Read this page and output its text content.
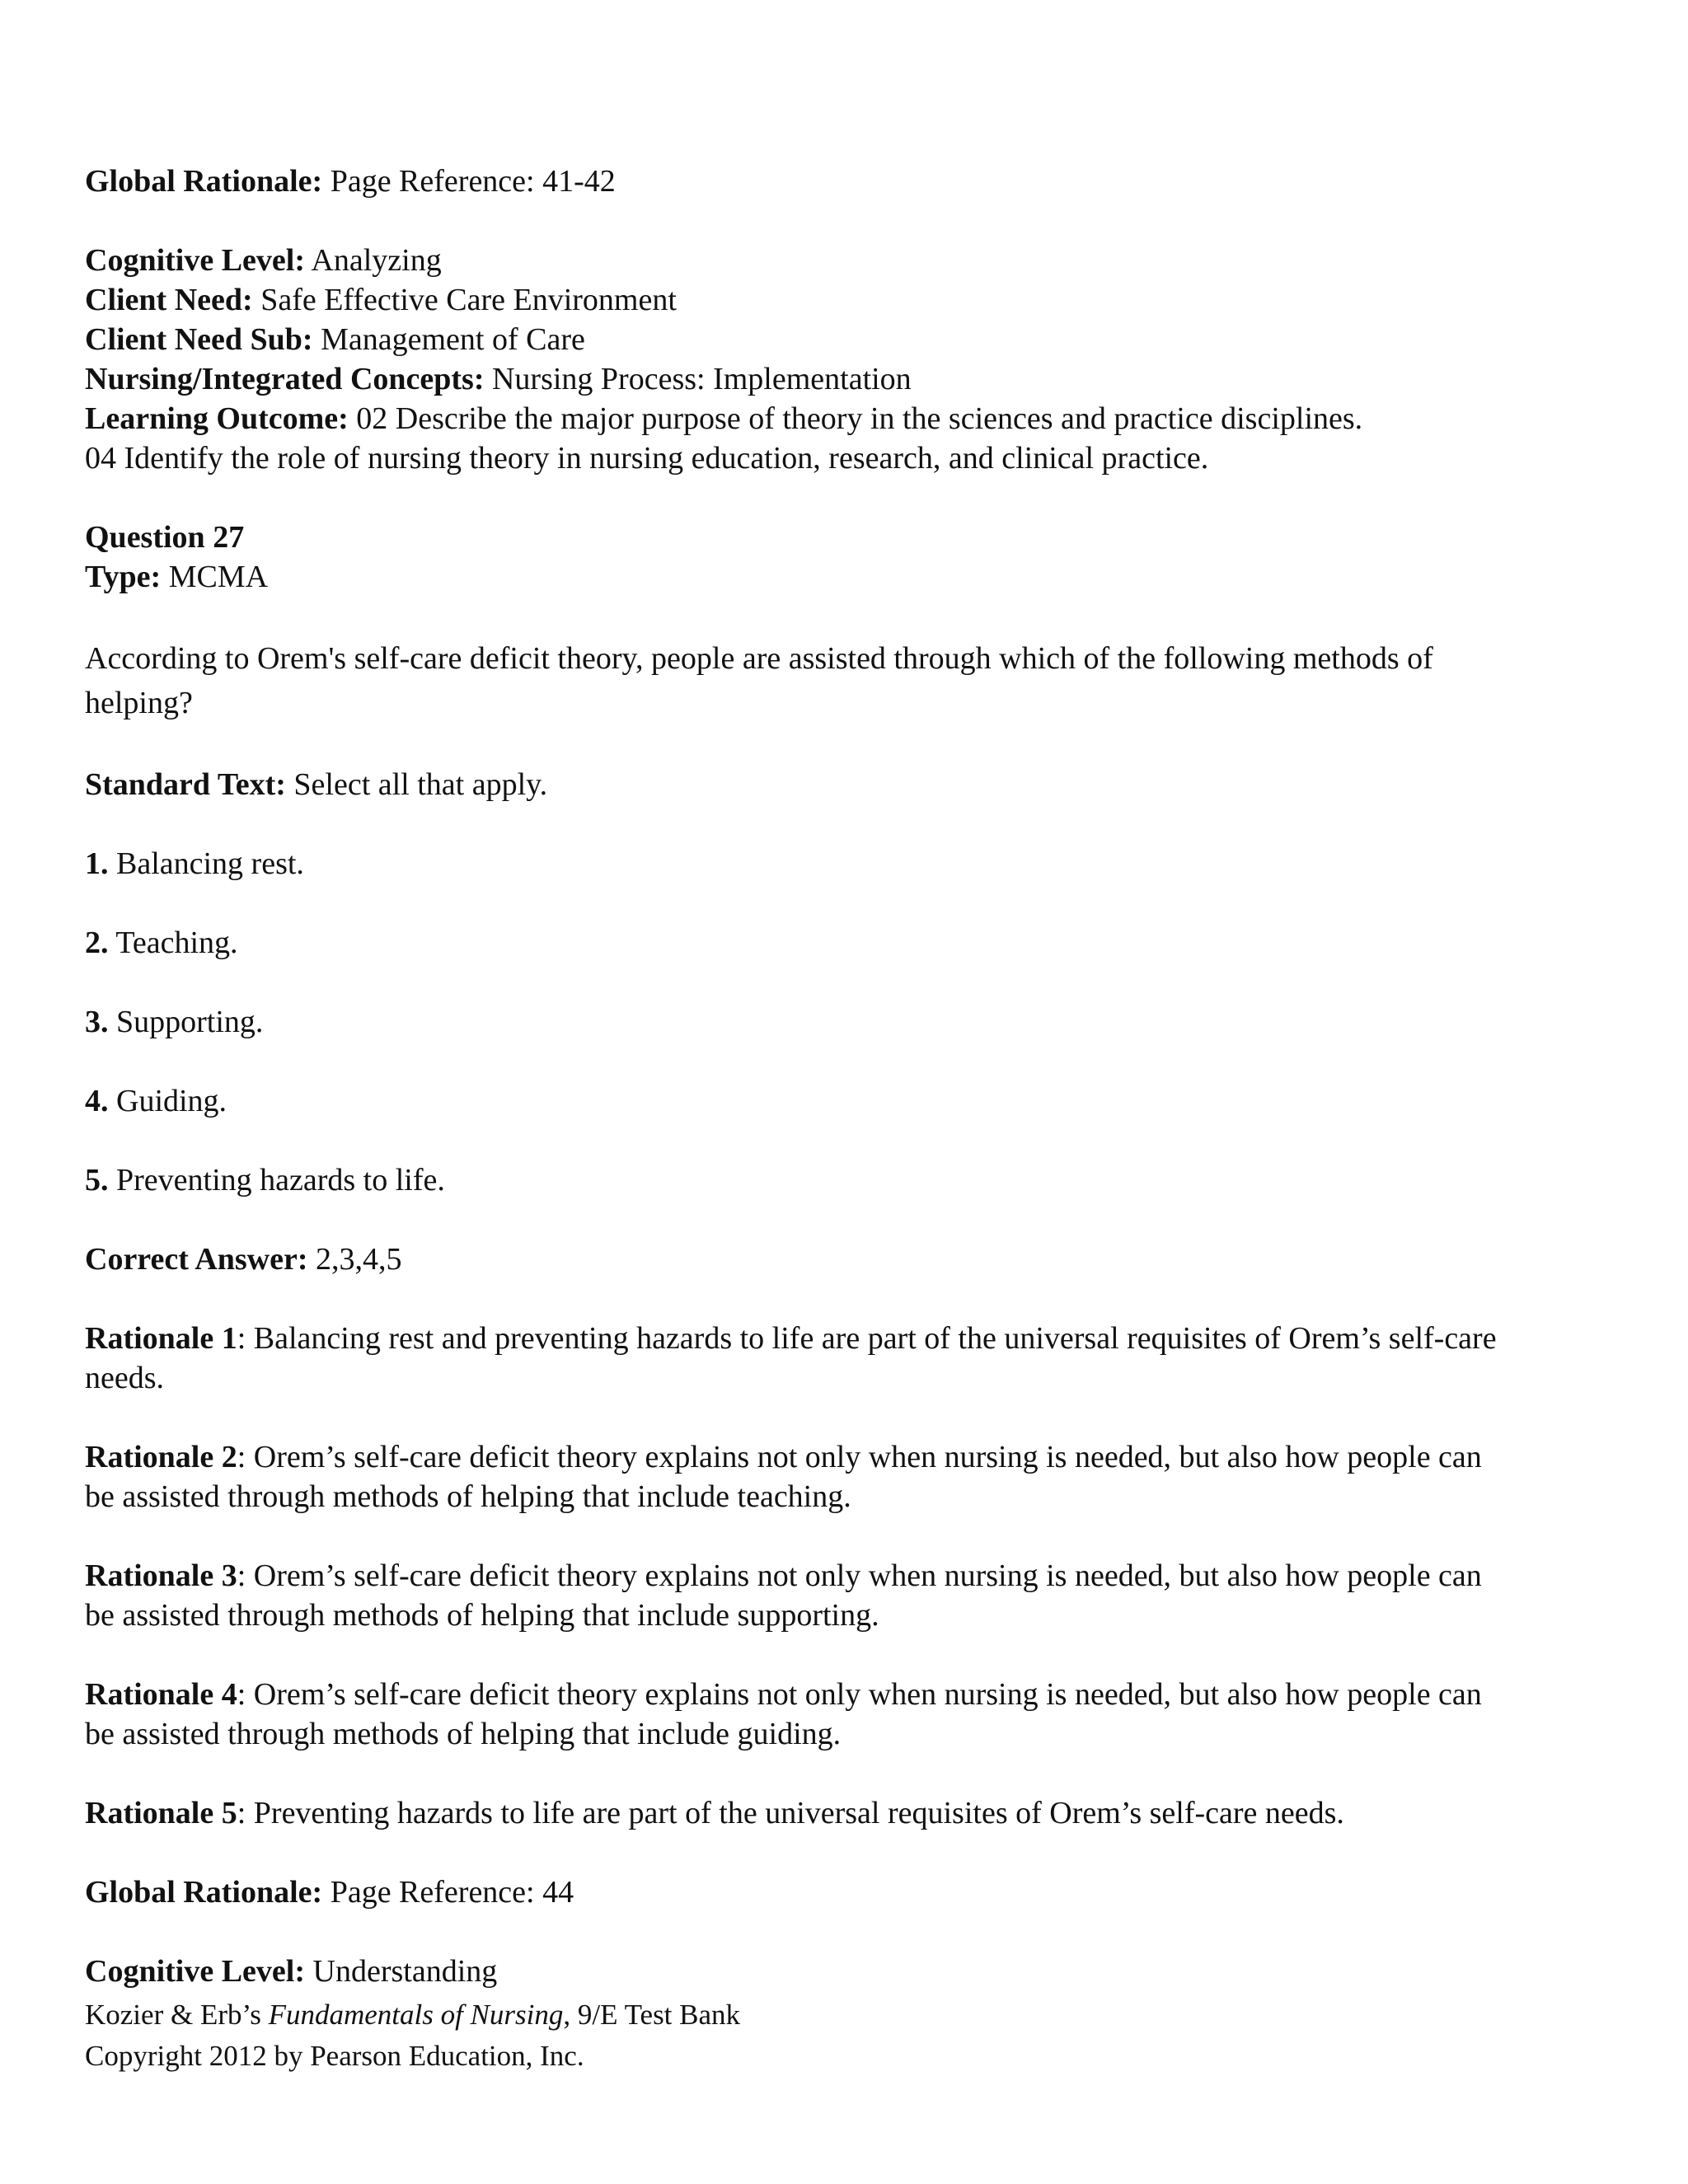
Global Rationale: Page Reference: 41-42
Cognitive Level: Analyzing
Client Need: Safe Effective Care Environment
Client Need Sub: Management of Care
Nursing/Integrated Concepts: Nursing Process: Implementation
Learning Outcome: 02 Describe the major purpose of theory in the sciences and practice disciplines.
04 Identify the role of nursing theory in nursing education, research, and clinical practice.
Question 27
Type: MCMA
According to Orem's self-care deficit theory, people are assisted through which of the following methods of
helping?
Standard Text: Select all that apply.
1. Balancing rest.
2. Teaching.
3. Supporting.
4. Guiding.
5. Preventing hazards to life.
Correct Answer: 2,3,4,5
Rationale 1: Balancing rest and preventing hazards to life are part of the universal requisites of Orem’s self-care
needs.
Rationale 2: Orem’s self-care deficit theory explains not only when nursing is needed, but also how people can
be assisted through methods of helping that include teaching.
Rationale 3: Orem’s self-care deficit theory explains not only when nursing is needed, but also how people can
be assisted through methods of helping that include supporting.
Rationale 4: Orem’s self-care deficit theory explains not only when nursing is needed, but also how people can
be assisted through methods of helping that include guiding.
Rationale 5: Preventing hazards to life are part of the universal requisites of Orem’s self-care needs.
Global Rationale: Page Reference: 44
Cognitive Level: Understanding
Kozier & Erb’s Fundamentals of Nursing, 9/E Test Bank
Copyright 2012 by Pearson Education, Inc.
